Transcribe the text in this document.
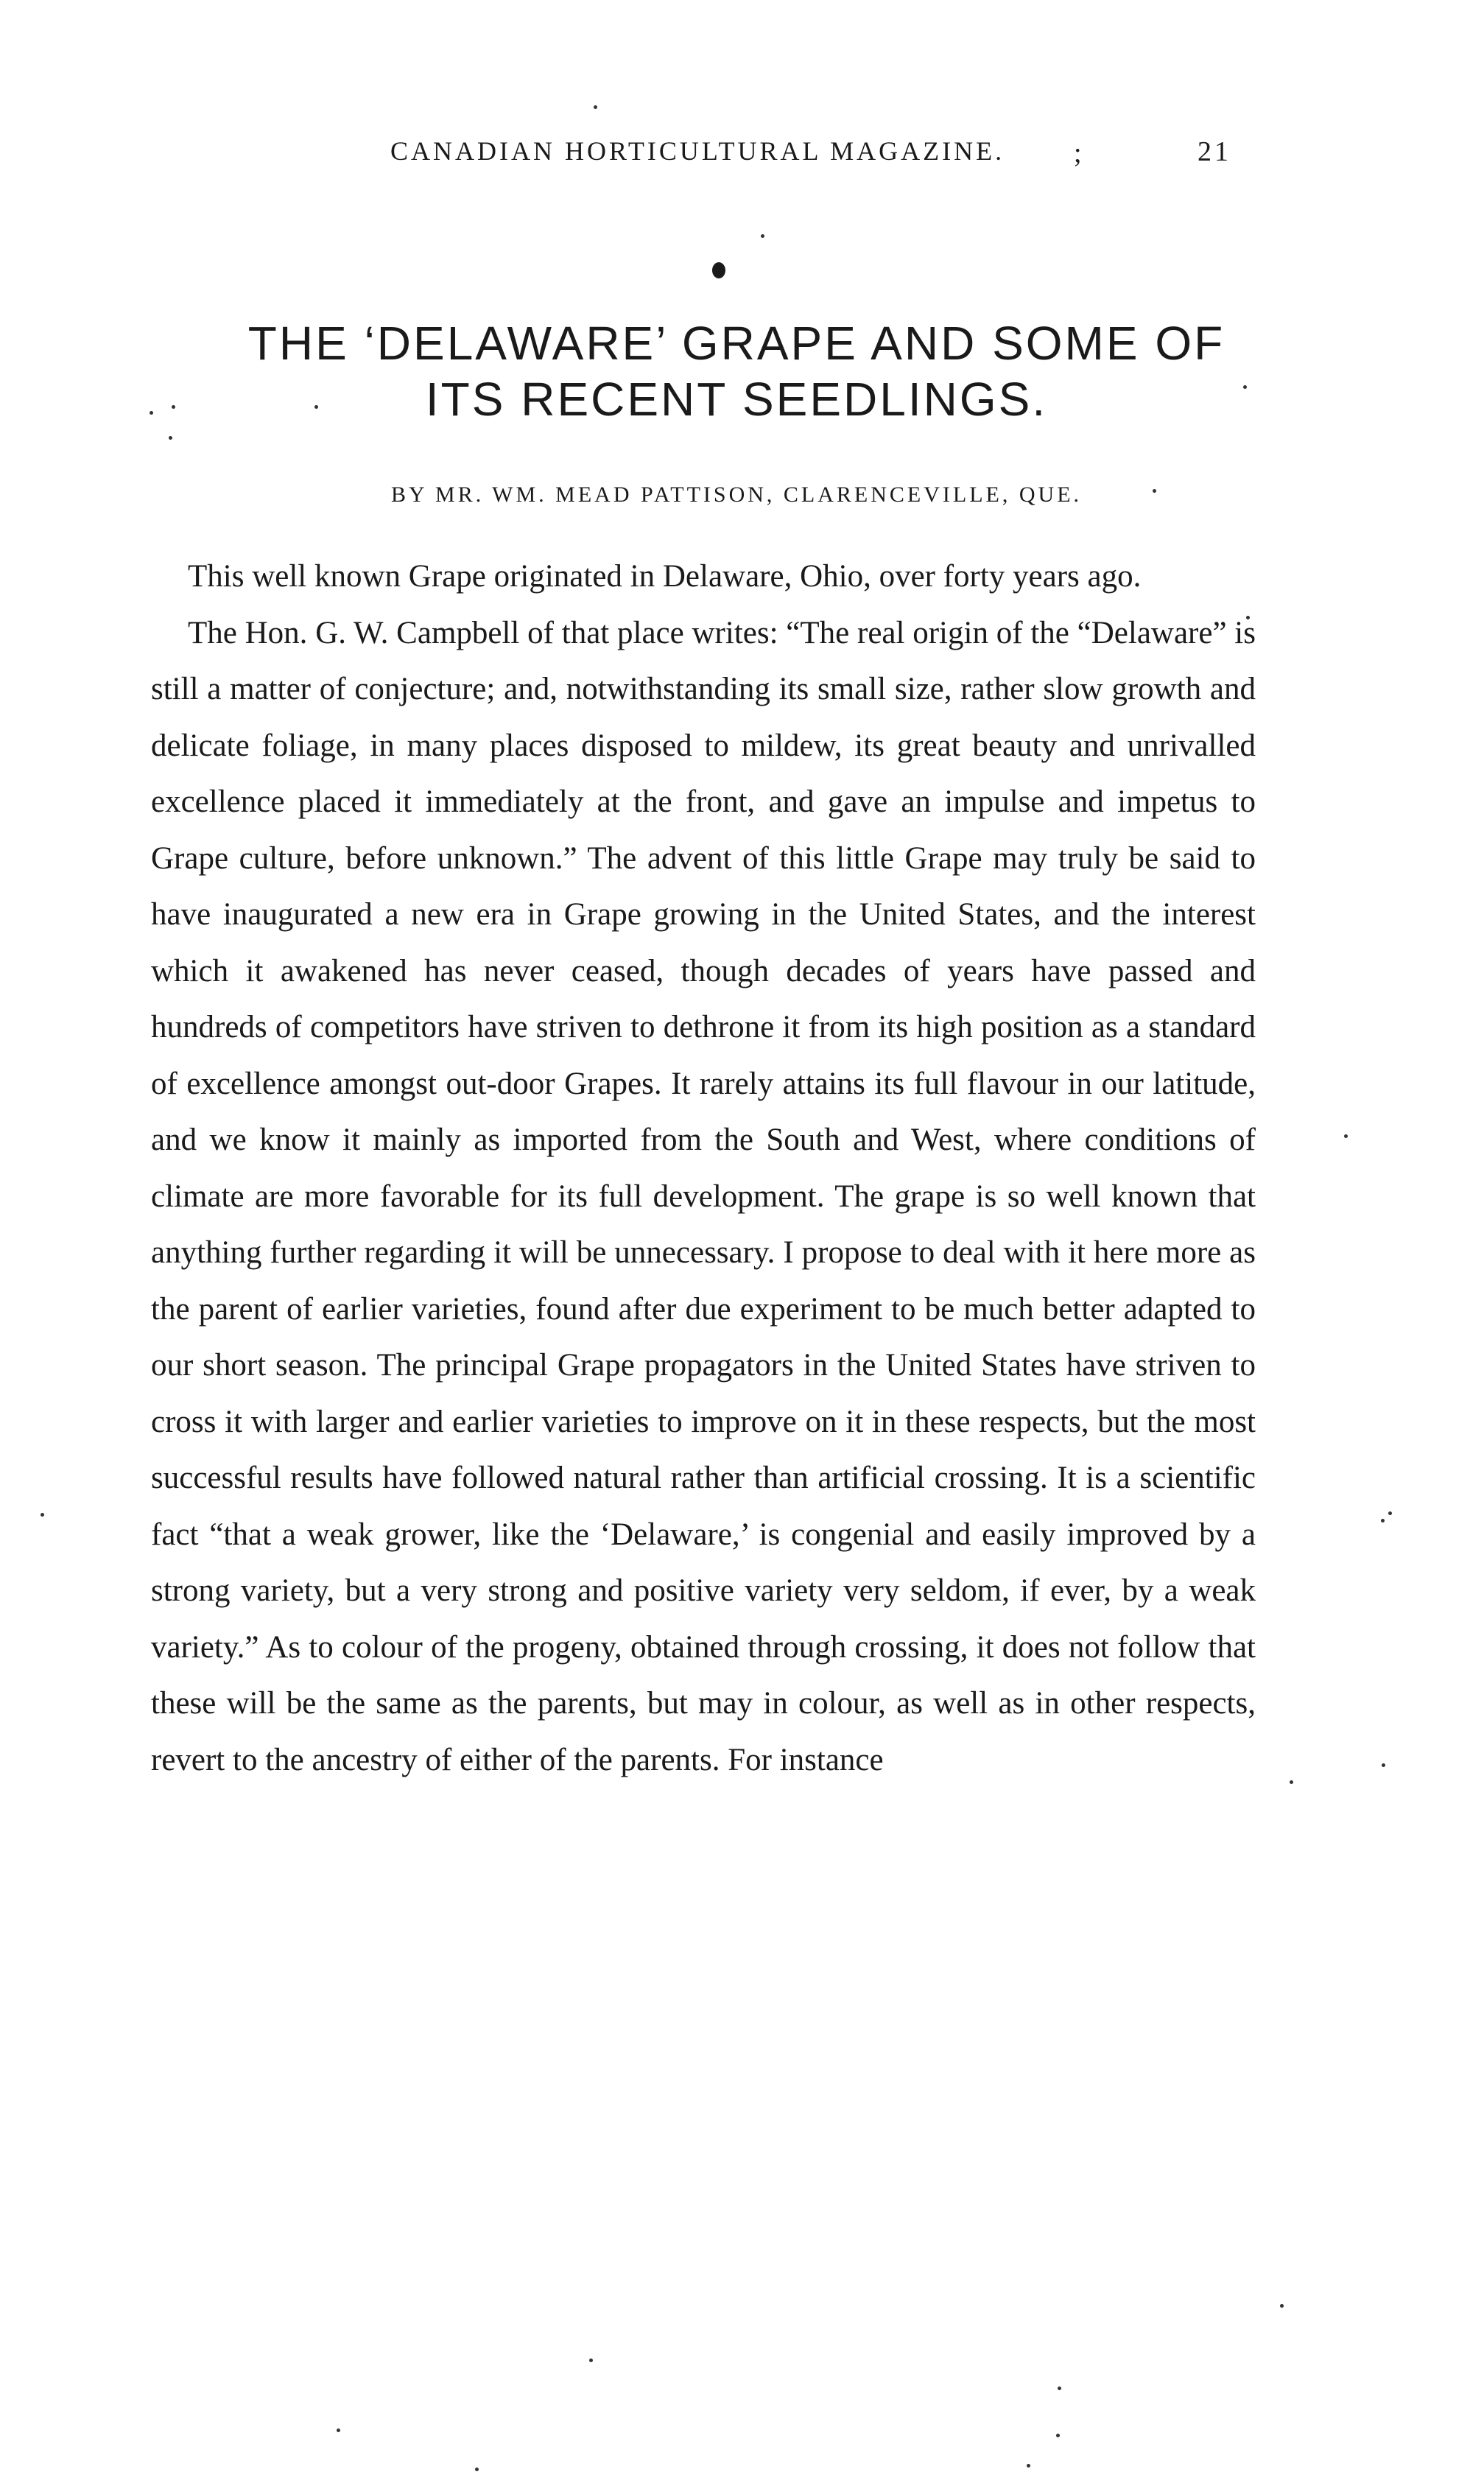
CANADIAN HORTICULTURAL MAGAZINE. ;	21
THE ‘DELAWARE’ GRAPE AND SOME OF
ITS RECENT SEEDLINGS.
BY MR. WM. MEAD PATTISON, CLARENCEVILLE, QUE.

This well known Grape originated in Delaware, Ohio, over forty years ago.

The Hon. G. W. Campbell of that place writes: “The real origin of the “Delaware” is still a matter of conjecture; and, notwithstanding its small size, rather slow growth and delicate foliage, in many places disposed to mildew, its great beauty and unrivalled excellence placed it immediately at the front, and gave an impulse and impetus to Grape culture, before unknown.” The advent of this little Grape may truly be said to have inaugurated a new era in Grape growing in the United States, and the interest which it awakened has never ceased, though decades of years have passed and hundreds of competitors have striven to dethrone it from its high position as a standard of excellence amongst out-door Grapes. It rarely attains its full flavour in our latitude, and we know it mainly as imported from the South and West, where conditions of climate are more favorable for its full development. The grape is so well known that anything further regarding it will be unnecessary. I propose to deal with it here more as the parent of earlier varieties, found after due experiment to be much better adapted to our short season. The principal Grape propagators in the United States have striven to cross it with larger and earlier varieties to improve on it in these respects, but the most successful results have followed natural rather than artificial crossing. It is a scientific fact “that a weak grower, like the ‘Delaware,’ is congenial and easily improved by a strong variety, but a very strong and positive variety very seldom, if ever, by a weak variety.” As to colour of the progeny, obtained through crossing, it does not follow that these will be the same as the parents, but may in colour, as well as in other respects, revert to the ancestry of either of the parents. For instance
